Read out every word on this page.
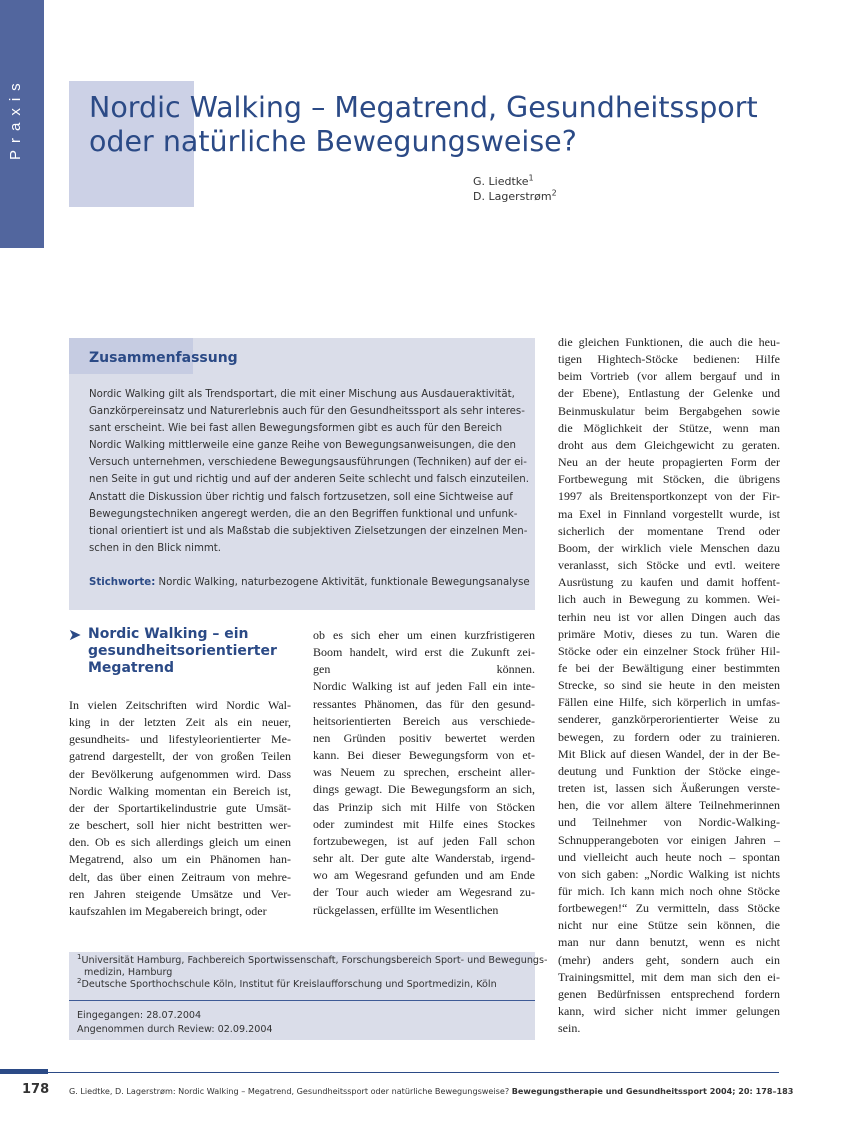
Praxis Nordic Walking – Megatrend, Gesundheitssport
oder natürliche Bewegungsweise?
G. Liedtke$^1$
D. Lagerstrøm$^2$
Zusammenfassung
Nordic Walking gilt als Trendsportart, die mit einer Mischung aus Ausdaueraktivität,
Ganzkörpereinsatz und Naturerlebnis auch für den Gesundheitssport als sehr interes-
sant erscheint. Wie bei fast allen Bewegungsformen gibt es auch für den Bereich
Nordic Walking mittlerweile eine ganze Reihe von Bewegungsanweisungen, die den
Versuch unternehmen, verschiedene Bewegungsausführungen (Techniken) auf der ei-
nen Seite in gut und richtig und auf der anderen Seite schlecht und falsch einzuteilen.
Anstatt die Diskussion über richtig und falsch fortzusetzen, soll eine Sichtweise auf
Bewegungstechniken angeregt werden, die an den Begriffen funktional und unfunk-
tional orientiert ist und als Maßstab die subjektiven Zielsetzungen der einzelnen Men-
schen in den Blick nimmt.
Stichworte: Nordic Walking, naturbezogene Aktivität, funktionale Bewegungsanalyse
➤ Nordic Walking – ein
gesundheitsorientierter
Megatrend
In vielen Zeitschriften wird Nordic Wal-
king in der letzten Zeit als ein neuer,
gesundheits- und lifestyleorientierter Me-
gatrend dargestellt, der von großen Teilen
der Bevölkerung aufgenommen wird. Dass
Nordic Walking momentan ein Bereich ist,
der der Sportartikelindustrie gute Umsät-
ze beschert, soll hier nicht bestritten wer-
den. Ob es sich allerdings gleich um einen
Megatrend, also um ein Phänomen han-
delt, das über einen Zeitraum von mehre-
ren Jahren steigende Umsätze und Ver-
kaufszahlen im Megabereich bringt, oder
ob es sich eher um einen kurzfristigeren
Boom handelt, wird erst die Zukunft zei-
gen können.
Nordic Walking ist auf jeden Fall ein inte-
ressantes Phänomen, das für den gesund-
heitsorientierten Bereich aus verschiede-
nen Gründen positiv bewertet werden
kann. Bei dieser Bewegungsform von et-
was Neuem zu sprechen, erscheint aller-
dings gewagt. Die Bewegungsform an sich,
das Prinzip sich mit Hilfe von Stöcken
oder zumindest mit Hilfe eines Stockes
fortzubewegen, ist auf jeden Fall schon
sehr alt. Der gute alte Wanderstab, irgend-
wo am Wegesrand gefunden und am Ende
der Tour auch wieder am Wegesrand zu-
rückgelassen, erfüllte im Wesentlichen
die gleichen Funktionen, die auch die heu-
tigen Hightech-Stöcke bedienen: Hilfe
beim Vortrieb (vor allem bergauf und in
der Ebene), Entlastung der Gelenke und
Beinmuskulatur beim Bergabgehen sowie
die Möglichkeit der Stütze, wenn man
droht aus dem Gleichgewicht zu geraten.
Neu an der heute propagierten Form der
Fortbewegung mit Stöcken, die übrigens
1997 als Breitensportkonzept von der Fir-
ma Exel in Finnland vorgestellt wurde, ist
sicherlich der momentane Trend oder
Boom, der wirklich viele Menschen dazu
veranlasst, sich Stöcke und evtl. weitere
Ausrüstung zu kaufen und damit hoffent-
lich auch in Bewegung zu kommen. Wei-
terhin neu ist vor allen Dingen auch das
primäre Motiv, dieses zu tun. Waren die
Stöcke oder ein einzelner Stock früher Hil-
fe bei der Bewältigung einer bestimmten
Strecke, so sind sie heute in den meisten
Fällen eine Hilfe, sich körperlich in umfas-
senderer, ganzkörperorientierter Weise zu
bewegen, zu fordern oder zu trainieren.
Mit Blick auf diesen Wandel, der in der Be-
deutung und Funktion der Stöcke einge-
treten ist, lassen sich Äußerungen verste-
hen, die vor allem ältere Teilnehmerinnen
und Teilnehmer von Nordic-Walking-
Schnupperangeboten vor einigen Jahren –
und vielleicht auch heute noch – spontan
von sich gaben: „Nordic Walking ist nichts
für mich. Ich kann mich noch ohne Stöcke
fortbewegen!“ Zu vermitteln, dass Stöcke
nicht nur eine Stütze sein können, die
man nur dann benutzt, wenn es nicht
(mehr) anders geht, sondern auch ein
Trainingsmittel, mit dem man sich den ei-
genen Bedürfnissen entsprechend fordern
kann, wird sicher nicht immer gelungen
sein.
$^1$Universität Hamburg, Fachbereich Sportwissenschaft, Forschungsbereich Sport- und Bewegungs-
medizin, Hamburg
$^2$Deutsche Sporthochschule Köln, Institut für Kreislaufforschung und Sportmedizin, Köln
Eingegangen: 28.07.2004
Angenommen durch Review: 02.09.2004
178 G. Liedtke, D. Lagerstrøm: Nordic Walking – Megatrend, Gesundheitssport oder natürliche Bewegungsweise? Bewegungstherapie und Gesundheitssport 2004; 20: 178–183
